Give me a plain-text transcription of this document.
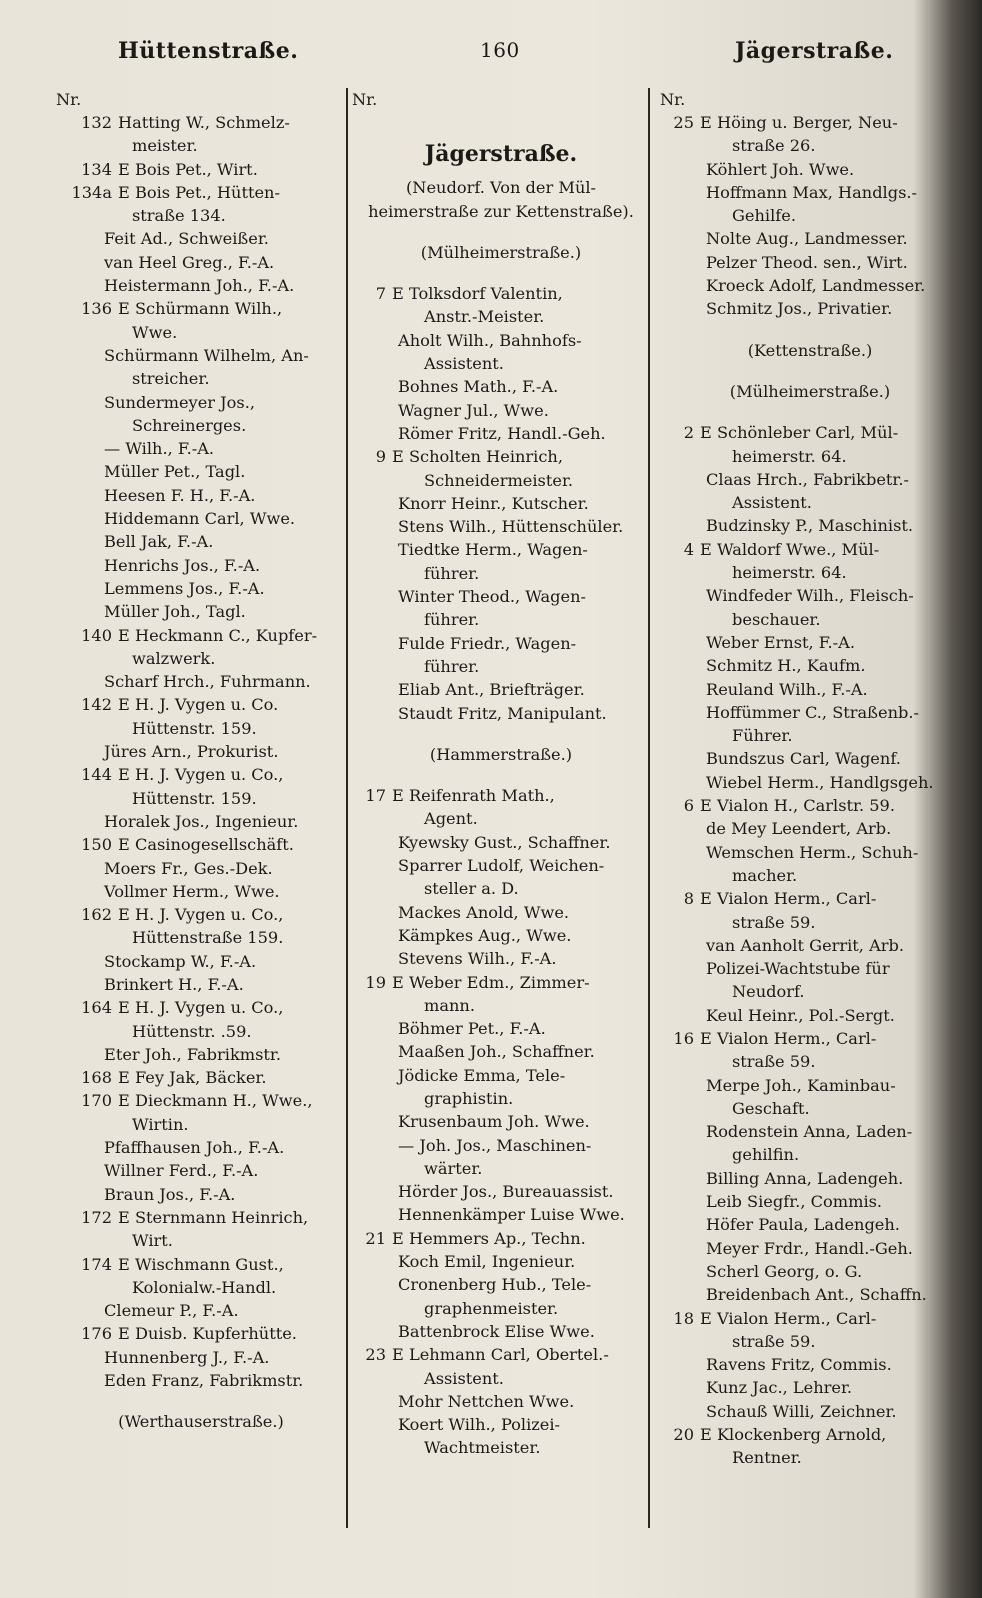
Hüttenstraße.	160	Jägerstraße.
Nr.
132 Hatting W., Schmelz-
meister.
134 E Bois Pet., Wirt.
134a E Bois Pet., Hütten-
straße 134.
Feit Ad., Schweißer.
van Heel Greg., F.-A.
Heistermann Joh., F.-A.
136 E Schürmann Wilh.,
Wwe.
Schürmann Wilhelm, An-
streicher.
Sundermeyer Jos.,
Schreinerges.
— Wilh., F.-A.
Müller Pet., Tagl.
Heesen F. H., F.-A.
Hiddemann Carl, Wwe.
Bell Jak, F.-A.
Henrichs Jos., F.-A.
Lemmens Jos., F.-A.
Müller Joh., Tagl.
140 E Heckmann C., Kupfer-
walzwerk.
Scharf Hrch., Fuhrmann.
142 E H. J. Vygen u. Co.
Hüttenstr. 159.
Jüres Arn., Prokurist.
144 E H. J. Vygen u. Co.,
Hüttenstr. 159.
Horalek Jos., Ingenieur.
150 E Casinogesellschäft.
Moers Fr., Ges.-Dek.
Vollmer Herm., Wwe.
162 E H. J. Vygen u. Co.,
Hüttenstraße 159.
Stockamp W., F.-A.
Brinkert H., F.-A.
164 E H. J. Vygen u. Co.,
Hüttenstr. .59.
Eter Joh., Fabrikmstr.
168 E Fey Jak, Bäcker.
170 E Dieckmann H., Wwe.,
Wirtin.
Pfaffhausen Joh., F.-A.
Willner Ferd., F.-A.
Braun Jos., F.-A.
172 E Sternmann Heinrich,
Wirt.
174 E Wischmann Gust.,
Kolonialw.-Handl.
Clemeur P., F.-A.
176 E Duisb. Kupferhütte.
Hunnenberg J., F.-A.
Eden Franz, Fabrikmstr.
(Werthauserstraße.)
Nr.
Jägerstraße.
(Neudorf. Von der Mül-
heimerstraße zur Kettenstraße).
(Mülheimerstraße.)
7 E Tolksdorf Valentin,
Anstr.-Meister.
Aholt Wilh., Bahnhofs-
Assistent.
Bohnes Math., F.-A.
Wagner Jul., Wwe.
Römer Fritz, Handl.-Geh.
9 E Scholten Heinrich,
Schneidermeister.
Knorr Heinr., Kutscher.
Stens Wilh., Hüttenschüler.
Tiedtke Herm., Wagen-
führer.
Winter Theod., Wagen-
führer.
Fulde Friedr., Wagen-
führer.
Eliab Ant., Briefträger.
Staudt Fritz, Manipulant.
(Hammerstraße.)
17 E Reifenrath Math.,
Agent.
Kyewsky Gust., Schaffner.
Sparrer Ludolf, Weichen-
steller a. D.
Mackes Anold, Wwe.
Kämpkes Aug., Wwe.
Stevens Wilh., F.-A.
19 E Weber Edm., Zimmer-
mann.
Böhmer Pet., F.-A.
Maaßen Joh., Schaffner.
Jödicke Emma, Tele-
graphistin.
Krusenbaum Joh. Wwe.
— Joh. Jos., Maschinen-
wärter.
Hörder Jos., Bureauassist.
Hennenkämper Luise Wwe.
21 E Hemmers Ap., Techn.
Koch Emil, Ingenieur.
Cronenberg Hub., Tele-
graphenmeister.
Battenbrock Elise Wwe.
23 E Lehmann Carl, Obertel.-
Assistent.
Mohr Nettchen Wwe.
Koert Wilh., Polizei-
Wachtmeister.
Nr.
25 E Höing u. Berger, Neu-
straße 26.
Köhlert Joh. Wwe.
Hoffmann Max, Handlgs.-
Gehilfe.
Nolte Aug., Landmesser.
Pelzer Theod. sen., Wirt.
Kroeck Adolf, Landmesser.
Schmitz Jos., Privatier.
(Kettenstraße.)
(Mülheimerstraße.)
2 E Schönleber Carl, Mül-
heimerstr. 64.
Claas Hrch., Fabrikbetr.-
Assistent.
Budzinsky P., Maschinist.
4 E Waldorf Wwe., Mül-
heimerstr. 64.
Windfeder Wilh., Fleisch-
beschauer.
Weber Ernst, F.-A.
Schmitz H., Kaufm.
Reuland Wilh., F.-A.
Hoffümmer C., Straßenb.-
Führer.
Bundszus Carl, Wagenf.
Wiebel Herm., Handlgsgeh.
6 E Vialon H., Carlstr. 59.
de Mey Leendert, Arb.
Wemschen Herm., Schuh-
macher.
8 E Vialon Herm., Carl-
straße 59.
van Aanholt Gerrit, Arb.
Polizei-Wachtstube für
Neudorf.
Keul Heinr., Pol.-Sergt.
16 E Vialon Herm., Carl-
straße 59.
Merpe Joh., Kaminbau-
Geschaft.
Rodenstein Anna, Laden-
gehilfin.
Billing Anna, Ladengeh.
Leib Siegfr., Commis.
Höfer Paula, Ladengeh.
Meyer Frdr., Handl.-Geh.
Scherl Georg, o. G.
Breidenbach Ant., Schaffn.
18 E Vialon Herm., Carl-
straße 59.
Ravens Fritz, Commis.
Kunz Jac., Lehrer.
Schauß Willi, Zeichner.
20 E Klockenberg Arnold,
Rentner.
